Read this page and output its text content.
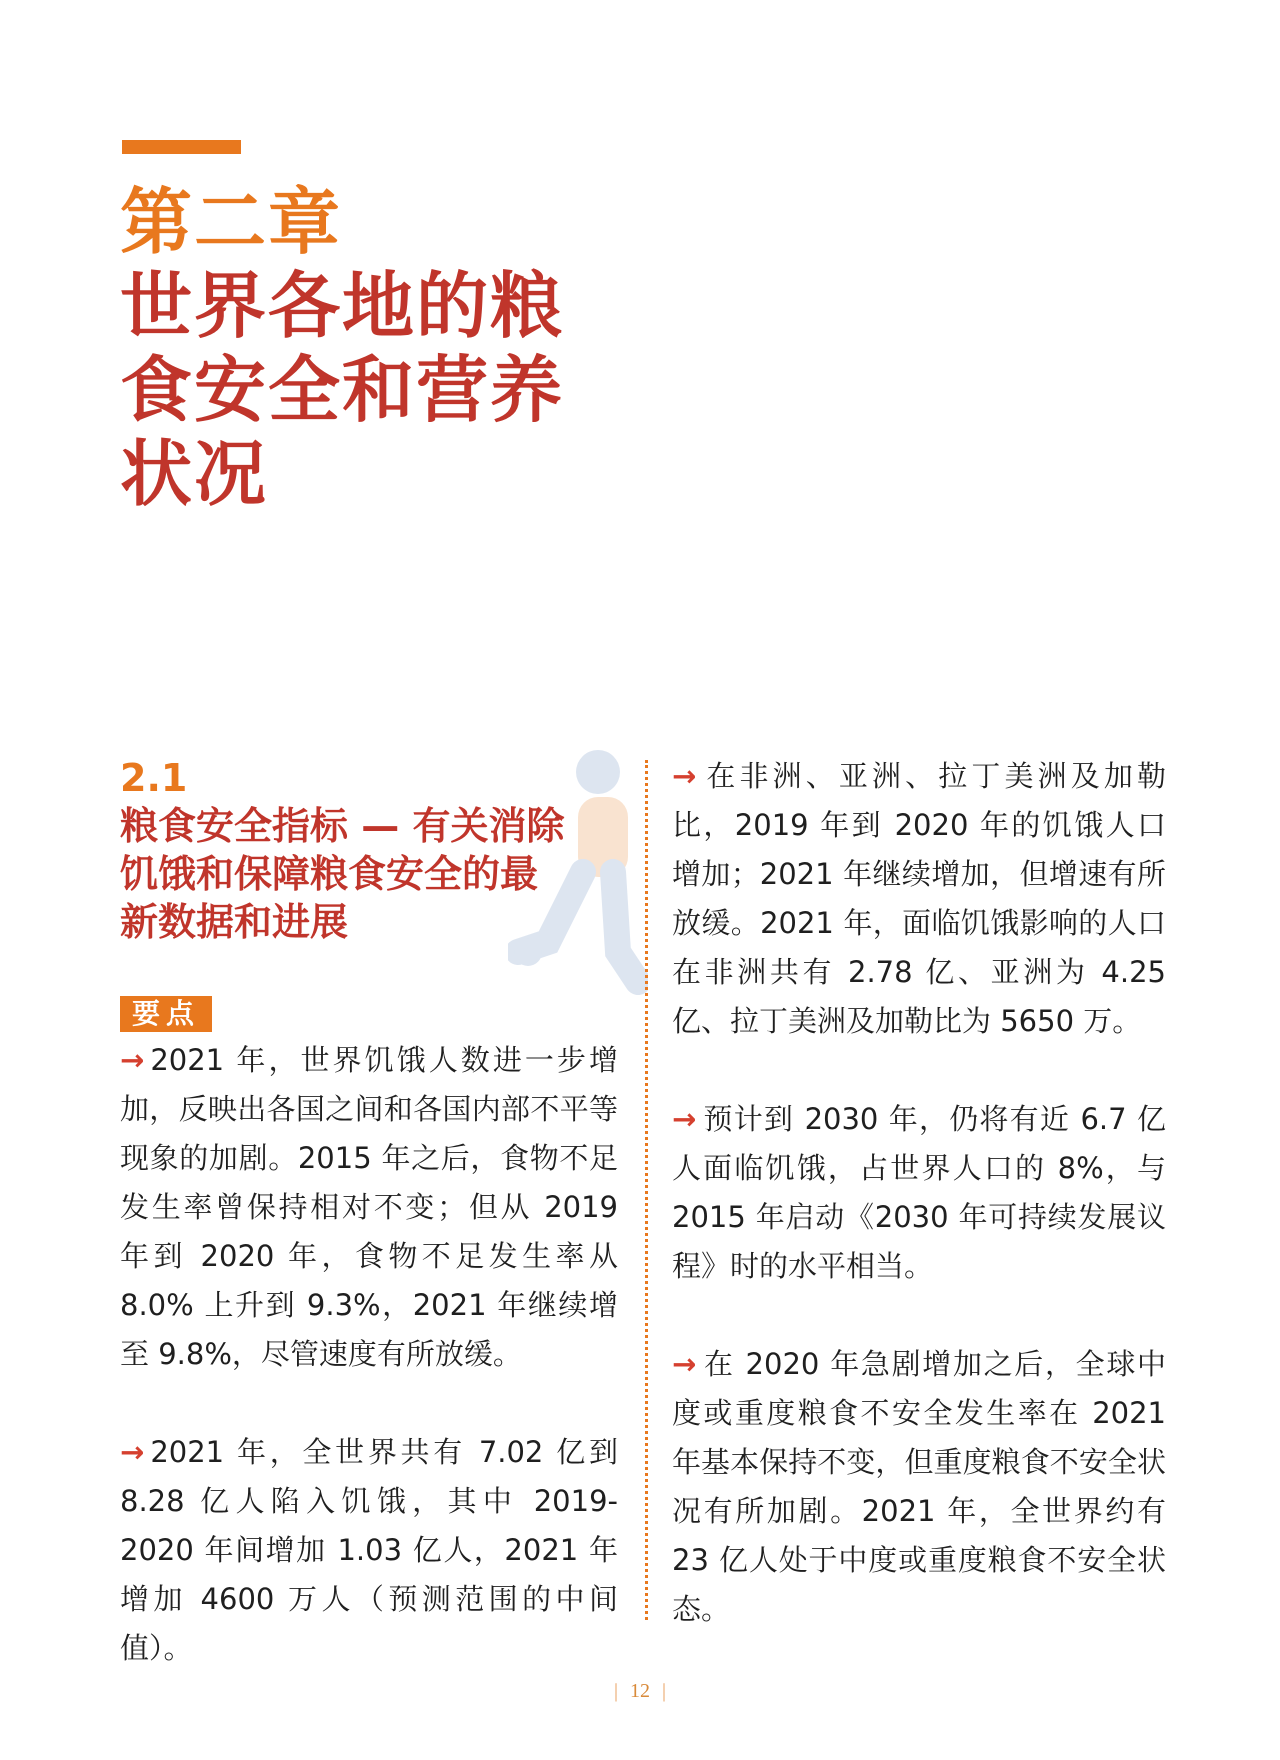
第二章
世界各地的粮
食安全和营养
状况
2.1
粮食安全指标 — 有关消除
饥饿和保障粮食安全的最
新数据和进展
要点

→ 2021 年，世界饥饿人数进一步增加，反映出各国之间和各国内部不平等现象的加剧。2015 年之后，食物不足发生率曾保持相对不变；但从 2019 年到 2020 年，食物不足发生率从 8.0% 上升到 9.3%，2021 年继续增至 9.8%，尽管速度有所放缓。

→ 2021 年，全世界共有 7.02 亿到 8.28 亿人陷入饥饿，其中 2019-2020 年间增加 1.03 亿人，2021 年增加 4600 万人（预测范围的中间值）。

→ 在非洲、亚洲、拉丁美洲及加勒比，2019 年到 2020 年的饥饿人口增加；2021 年继续增加，但增速有所放缓。2021 年，面临饥饿影响的人口在非洲共有 2.78 亿、亚洲为 4.25 亿、拉丁美洲及加勒比为 5650 万。

→ 预计到 2030 年，仍将有近 6.7 亿人面临饥饿，占世界人口的 8%，与 2015 年启动《2030 年可持续发展议程》时的水平相当。

→ 在 2020 年急剧增加之后，全球中度或重度粮食不安全发生率在 2021 年基本保持不变，但重度粮食不安全状况有所加剧。2021 年，全世界约有 23 亿人处于中度或重度粮食不安全状态。

| 12 |
